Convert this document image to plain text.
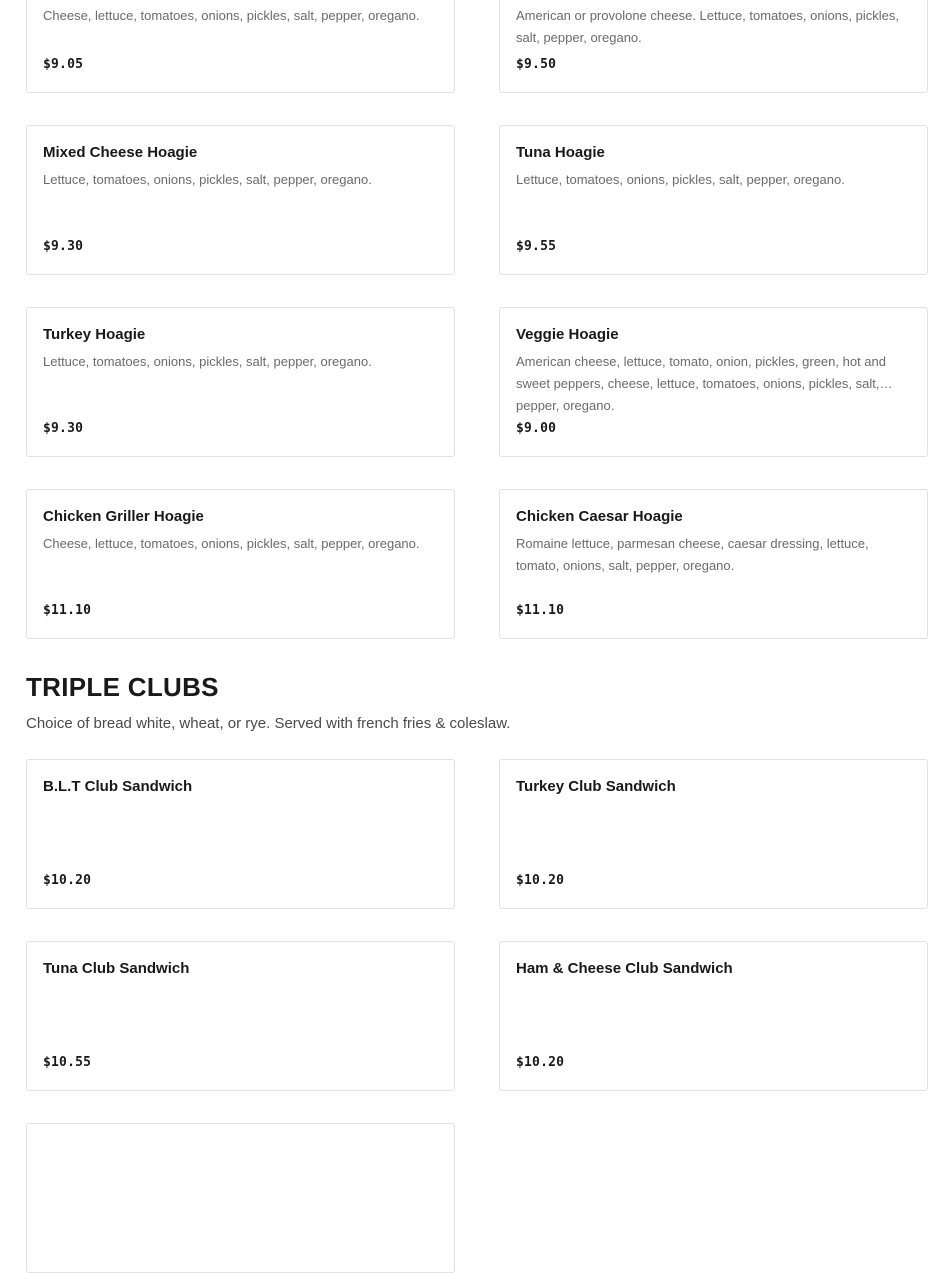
Cheese, lettuce, tomatoes, onions, pickles, salt, pepper, oregano.
$9.05
American or provolone cheese. Lettuce, tomatoes, onions, pickles, salt, pepper, oregano.
$9.50
Mixed Cheese Hoagie
Lettuce, tomatoes, onions, pickles, salt, pepper, oregano.
$9.30
Tuna Hoagie
Lettuce, tomatoes, onions, pickles, salt, pepper, oregano.
$9.55
Turkey Hoagie
Lettuce, tomatoes, onions, pickles, salt, pepper, oregano.
$9.30
Veggie Hoagie
American cheese, lettuce, tomato, onion, pickles, green, hot and sweet peppers, cheese, lettuce, tomatoes, onions, pickles, salt, pepper, oregano.
$9.00
Chicken Griller Hoagie
Cheese, lettuce, tomatoes, onions, pickles, salt, pepper, oregano.
$11.10
Chicken Caesar Hoagie
Romaine lettuce, parmesan cheese, caesar dressing, lettuce, tomato, onions, salt, pepper, oregano.
$11.10
TRIPLE CLUBS

Choice of bread white, wheat, or rye. Served with french fries & coleslaw.

B.L.T Club Sandwich
$10.20
Turkey Club Sandwich
$10.20
Tuna Club Sandwich
$10.55
Ham & Cheese Club Sandwich
$10.20
